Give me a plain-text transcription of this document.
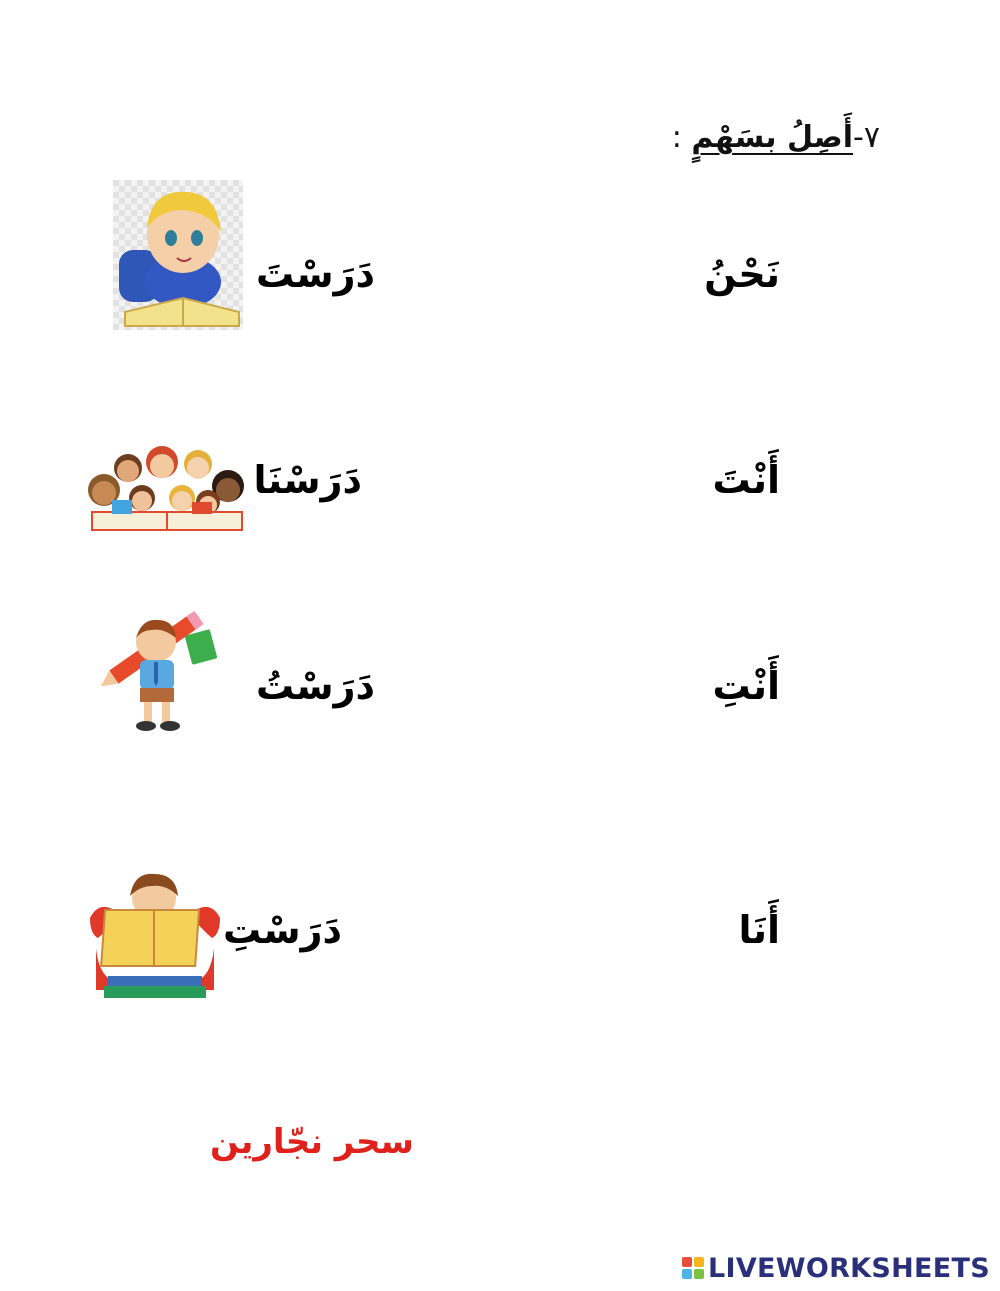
٧-أَصِلُ بسَهْمٍ :
نَحْنُ
دَرَسْتَ
أَنْتَ
دَرَسْنَا
أَنْتِ
دَرَسْتُ
أَنَا
دَرَسْتِ
سحر نجّارين
LIVEWORKSHEETS
